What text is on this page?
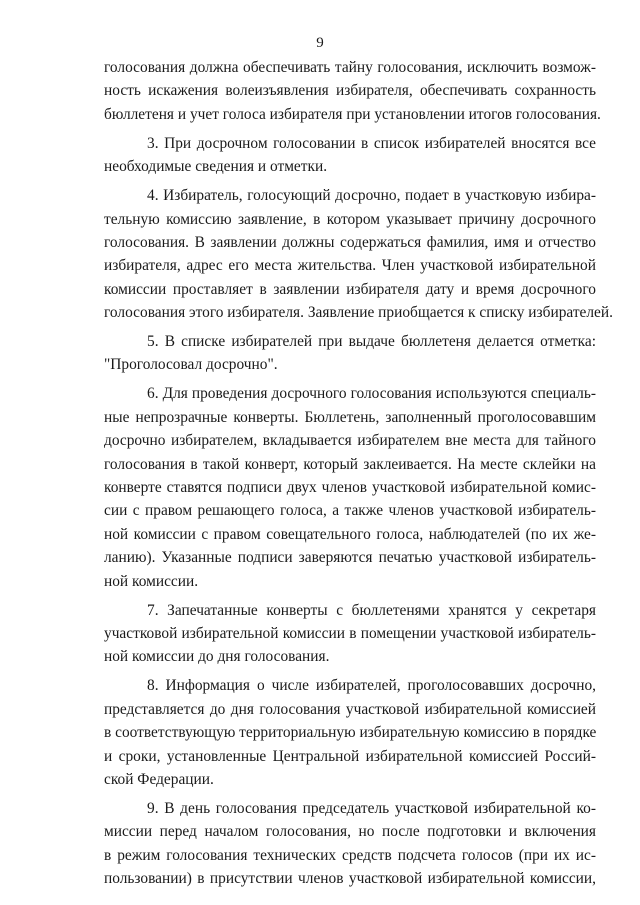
9
голосования должна обеспечивать тайну голосования, исключить возмож-
ность искажения волеизъявления избирателя, обеспечивать сохранность
бюллетеня и учет голоса избирателя при установлении итогов голосования.
3. При досрочном голосовании в список избирателей вносятся все
необходимые сведения и отметки.
4. Избиратель, голосующий досрочно, подает в участковую избира-
тельную комиссию заявление, в котором указывает причину досрочного
голосования. В заявлении должны содержаться фамилия, имя и отчество
избирателя, адрес его места жительства. Член участковой избирательной
комиссии проставляет в заявлении избирателя дату и время досрочного
голосования этого избирателя. Заявление приобщается к списку избирателей.
5. В списке избирателей при выдаче бюллетеня делается отметка:
"Проголосовал досрочно".
6. Для проведения досрочного голосования используются специаль-
ные непрозрачные конверты. Бюллетень, заполненный проголосовавшим
досрочно избирателем, вкладывается избирателем вне места для тайного
голосования в такой конверт, который заклеивается. На месте склейки на
конверте ставятся подписи двух членов участковой избирательной комис-
сии с правом решающего голоса, а также членов участковой избиратель-
ной комиссии с правом совещательного голоса, наблюдателей (по их же-
ланию). Указанные подписи заверяются печатью участковой избиратель-
ной комиссии.
7. Запечатанные конверты с бюллетенями хранятся у секретаря
участковой избирательной комиссии в помещении участковой избиратель-
ной комиссии до дня голосования.
8. Информация о числе избирателей, проголосовавших досрочно,
представляется до дня голосования участковой избирательной комиссией
в соответствующую территориальную избирательную комиссию в порядке
и сроки, установленные Центральной избирательной комиссией Россий-
ской Федерации.
9. В день голосования председатель участковой избирательной ко-
миссии перед началом голосования, но после подготовки и включения
в режим голосования технических средств подсчета голосов (при их ис-
пользовании) в присутствии членов участковой избирательной комиссии,
